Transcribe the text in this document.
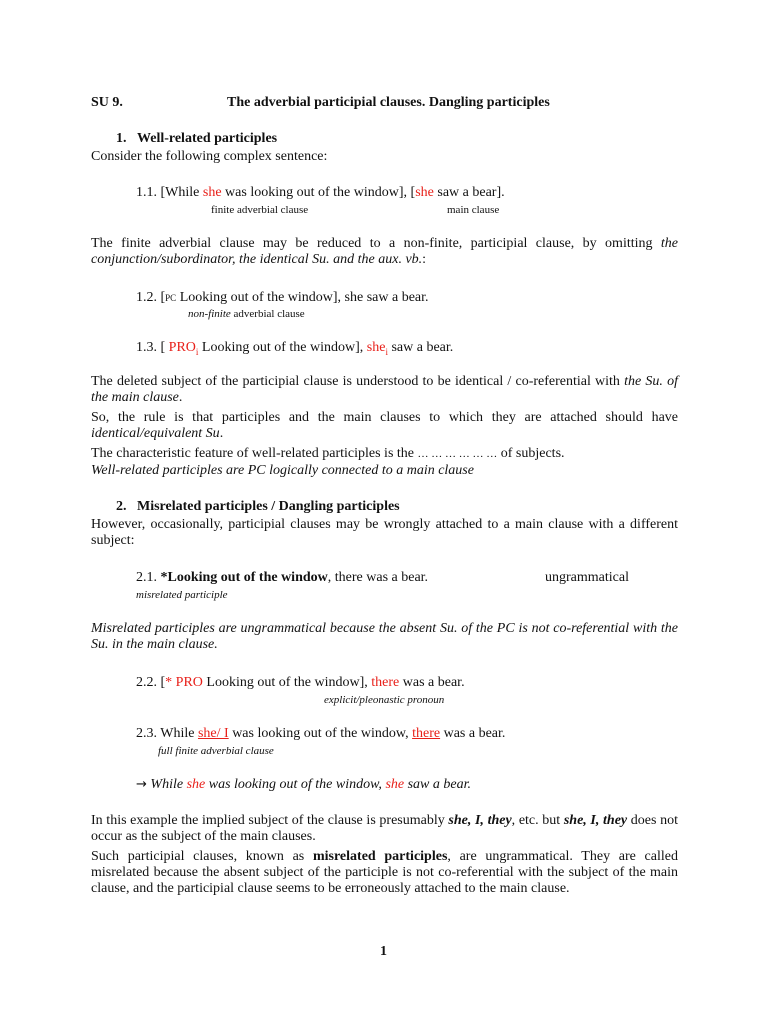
SU 9.	The adverbial participial clauses. Dangling participles
1. Well-related participles
Consider the following complex sentence:
1.1. [While she was looking out of the window], [she saw a bear].
finite adverbial clause	main clause
The finite adverbial clause may be reduced to a non-finite, participial clause, by omitting the conjunction/subordinator, the identical Su. and the aux. vb.:
1.2. [PC Looking out of the window], she saw a bear.
non-finite adverbial clause
1.3. [ $PRO_i$ Looking out of the window], she$_i$ saw a bear.
The deleted subject of the participial clause is understood to be identical / co-referential with the Su. of the main clause.
So, the rule is that participles and the main clauses to which they are attached should have identical/equivalent Su.
The characteristic feature of well-related participles is the … … … … … … of subjects.
Well-related participles are PC logically connected to a main clause
2. Misrelated participles / Dangling participles
However, occasionally, participial clauses may be wrongly attached to a main clause with a different subject:
2.1. *Looking out of the window, there was a bear.	ungrammatical
misrelated participle
Misrelated participles are ungrammatical because the absent Su. of the PC is not co-referential with the Su. in the main clause.
2.2. [* PRO Looking out of the window], there was a bear.
explicit/pleonastic pronoun
2.3. While she/ I was looking out of the window, there was a bear.
full finite adverbial clause
→ While she was looking out of the window, she saw a bear.
In this example the implied subject of the clause is presumably she, I, they, etc. but she, I, they does not occur as the subject of the main clauses.
Such participial clauses, known as misrelated participles, are ungrammatical. They are called misrelated because the absent subject of the participle is not co-referential with the subject of the main clause, and the participial clause seems to be erroneously attached to the main clause.
1
